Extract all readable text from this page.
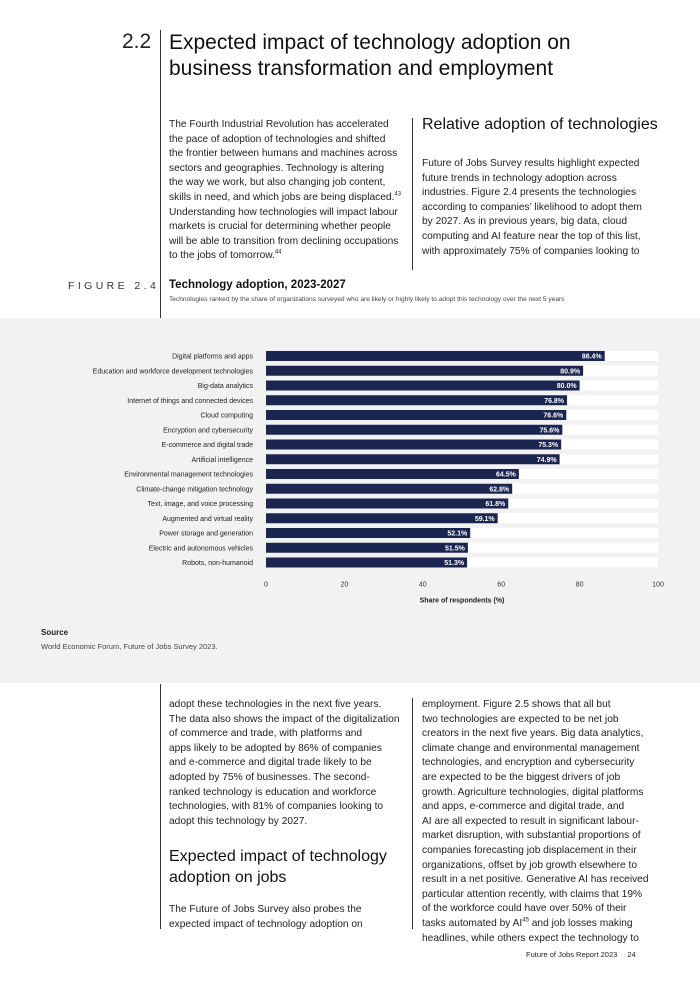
2.2 Expected impact of technology adoption on
business transformation and employment
The Fourth Industrial Revolution has accelerated
the pace of adoption of technologies and shifted
the frontier between humans and machines across
sectors and geographies. Technology is altering
the way we work, but also changing job content,
skills in need, and which jobs are being displaced.$^{43}$
Understanding how technologies will impact labour
markets is crucial for determining whether people
will be able to transition from declining occupations
to the jobs of tomorrow.$^{44}$
Relative adoption of technologies
Future of Jobs Survey results highlight expected
future trends in technology adoption across
industries. Figure 2.4 presents the technologies
according to companies’ likelihood to adopt them
by 2027. As in previous years, big data, cloud
computing and AI feature near the top of this list,
with approximately 75% of companies looking to
FIGURE 2.4 Technology adoption, 2023-2027
Technologies ranked by the share of organizations surveyed who are likely or highly likely to adopt this technology over the next 5 years
Digital platforms and apps	86.4%
Education and workforce development technologies	80.9%
Big-data analytics	80.0%
Internet of things and connected devices	76.8%
Cloud computing	76.6%
Encryption and cybersecurity	75.6%
E-commerce and digital trade	75.3%
Artificial intelligence	74.9%
Environmental management technologies	64.5%
Climate-change mitigation technology	62.8%
Text, image, and voice processing	61.8%
Augmented and virtual reality	59.1%
Power storage and generation	52.1%
Electric and autonomous vehicles	51.5%
Robots, non-humanoid	51.3%
0	20	40	60	80	100
Share of respondents (%)
Source
World Economic Forum, Future of Jobs Survey 2023.
adopt these technologies in the next five years.
The data also shows the impact of the digitalization
of commerce and trade, with platforms and
apps likely to be adopted by 86% of companies
and e-commerce and digital trade likely to be
adopted by 75% of businesses. The second-
ranked technology is education and workforce
technologies, with 81% of companies looking to
adopt this technology by 2027.
Expected impact of technology
adoption on jobs
The Future of Jobs Survey also probes the
expected impact of technology adoption on
employment. Figure 2.5 shows that all but
two technologies are expected to be net job
creators in the next five years. Big data analytics,
climate change and environmental management
technologies, and encryption and cybersecurity
are expected to be the biggest drivers of job
growth. Agriculture technologies, digital platforms
and apps, e-commerce and digital trade, and
AI are all expected to result in significant labour-
market disruption, with substantial proportions of
companies forecasting job displacement in their
organizations, offset by job growth elsewhere to
result in a net positive. Generative AI has received
particular attention recently, with claims that 19%
of the workforce could have over 50% of their
tasks automated by AI$^{45}$ and job losses making
headlines, while others expect the technology to
Future of Jobs Report 2023 24
